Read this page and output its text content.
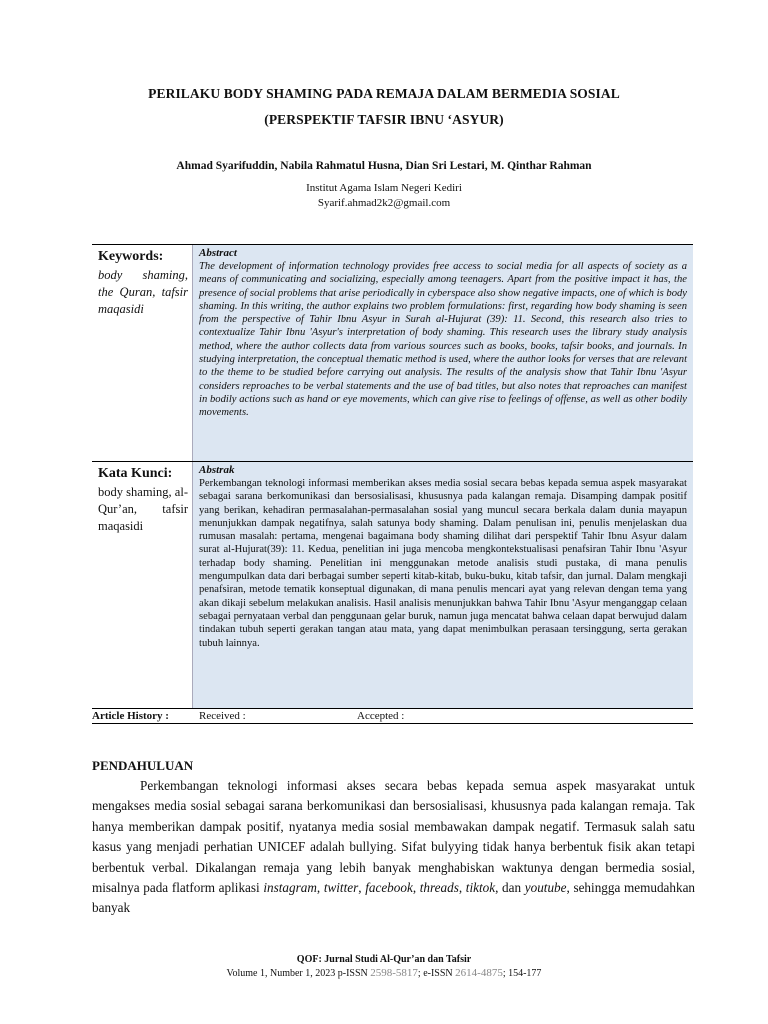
PERILAKU BODY SHAMING PADA REMAJA DALAM BERMEDIA SOSIAL
(PERSPEKTIF TAFSIR IBNU ‘ASYUR)
Ahmad Syarifuddin, Nabila Rahmatul Husna, Dian Sri Lestari, M. Qinthar Rahman
Institut Agama Islam Negeri Kediri
Syarif.ahmad2k2@gmail.com
Keywords:
body shaming, the Quran, tafsir maqasidi
Abstract
The development of information technology provides free access to social media for all aspects of society as a means of communicating and socializing, especially among teenagers. Apart from the positive impact it has, the presence of social problems that arise periodically in cyberspace also show negative impacts, one of which is body shaming. In this writing, the author explains two problem formulations: first, regarding how body shaming is seen from the perspective of Tahir Ibnu Asyur in Surah al-Hujurat (39): 11. Second, this research also tries to contextualize Tahir Ibnu 'Asyur's interpretation of body shaming. This research uses the library study analysis method, where the author collects data from various sources such as books, books, tafsir books, and journals. In studying interpretation, the conceptual thematic method is used, where the author looks for verses that are relevant to the theme to be studied before carrying out analysis. The results of the analysis show that Tahir Ibnu 'Asyur considers reproaches to be verbal statements and the use of bad titles, but also notes that reproaches can manifest in bodily actions such as hand or eye movements, which can give rise to feelings of offense, as well as other bodily movements.
Kata Kunci:
body shaming, al-Qur’an, tafsir maqasidi
Abstrak
Perkembangan teknologi informasi memberikan akses media sosial secara bebas kepada semua aspek masyarakat sebagai sarana berkomunikasi dan bersosialisasi, khususnya pada kalangan remaja. Disamping dampak positif yang berikan, kehadiran permasalahan-permasalahan sosial yang muncul secara berkala dalam dunia mayapun menunjukkan dampak negatifnya, salah satunya body shaming. Dalam penulisan ini, penulis menjelaskan dua rumusan masalah: pertama, mengenai bagaimana body shaming dilihat dari perspektif Tahir Ibnu Asyur dalam surat al-Hujurat(39): 11. Kedua, penelitian ini juga mencoba mengkontekstualisasi penafsiran Tahir Ibnu 'Asyur terhadap body shaming. Penelitian ini menggunakan metode analisis studi pustaka, di mana penulis mengumpulkan data dari berbagai sumber seperti kitab-kitab, buku-buku, kitab tafsir, dan jurnal. Dalam mengkaji penafsiran, metode tematik konseptual digunakan, di mana penulis mencari ayat yang relevan dengan tema yang akan dikaji sebelum melakukan analisis. Hasil analisis menunjukkan bahwa Tahir Ibnu 'Asyur menganggap celaan sebagai pernyataan verbal dan penggunaan gelar buruk, namun juga mencatat bahwa celaan dapat berwujud dalam tindakan tubuh seperti gerakan tangan atau mata, yang dapat menimbulkan perasaan tersinggung, serta gerakan tubuh lainnya.
Article History :	Received :	Accepted :
PENDAHULUAN
Perkembangan teknologi informasi akses secara bebas kepada semua aspek masyarakat untuk mengakses media sosial sebagai sarana berkomunikasi dan bersosialisasi, khususnya pada kalangan remaja. Tak hanya memberikan dampak positif, nyatanya media sosial membawakan dampak negatif. Termasuk salah satu kasus yang menjadi perhatian UNICEF adalah bullying. Sifat bulyying tidak hanya berbentuk fisik akan tetapi berbentuk verbal. Dikalangan remaja yang lebih banyak menghabiskan waktunya dengan bermedia sosial, misalnya pada flatform aplikasi instagram, twitter, facebook, threads, tiktok, dan youtube, sehingga memudahkan banyak
QOF: Jurnal Studi Al-Qur’an dan Tafsir
Volume 1, Number 1, 2023 p-ISSN 2598-5817; e-ISSN 2614-4875; 154-177
